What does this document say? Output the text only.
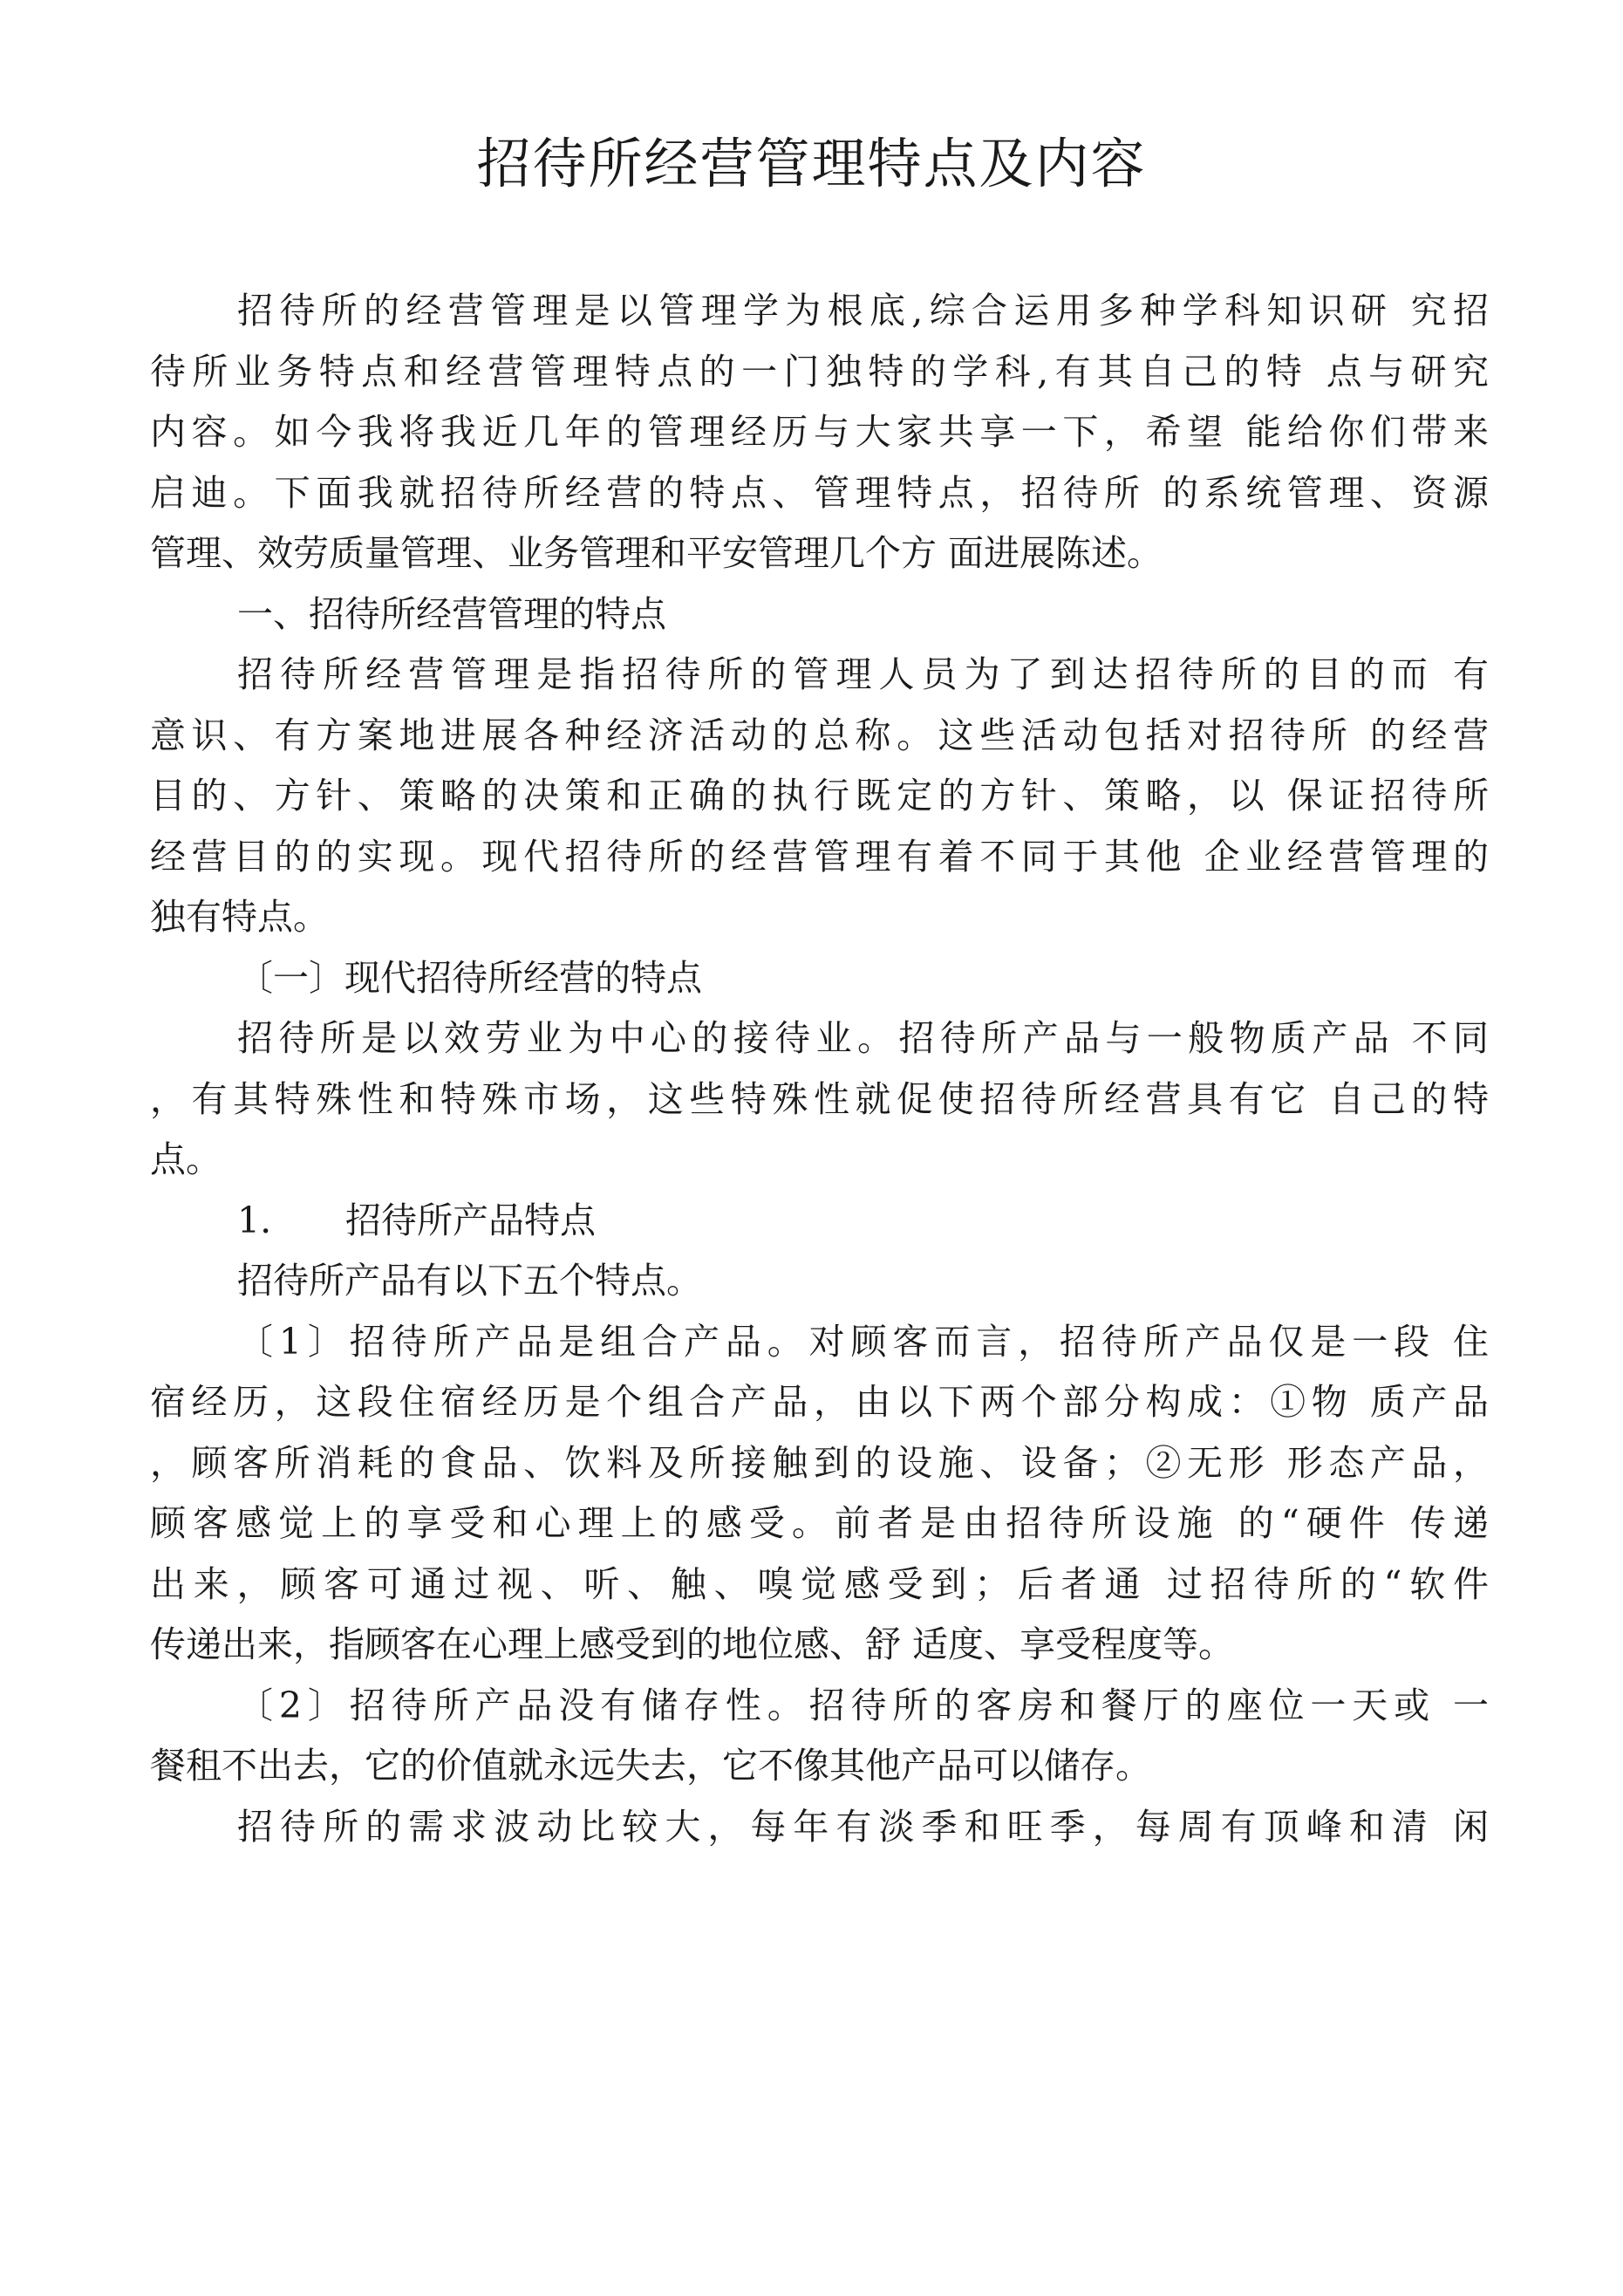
招待所经营管理特点及内容
招待所的经营管理是以管理学为根底,综合运用多种学科知识研 究招
待所业务特点和经营管理特点的一门独特的学科,有其自己的特 点与研究
内容。如今我将我近几年的管理经历与大家共享一下，希望 能给你们带来
启迪。下面我就招待所经营的特点、管理特点，招待所 的系统管理、资源
管理、效劳质量管理、业务管理和平安管理几个方 面进展陈述。
一、招待所经营管理的特点
招待所经营管理是指招待所的管理人员为了到达招待所的目的而 有
意识、有方案地进展各种经济活动的总称。这些活动包括对招待所 的经营
目的、方针、策略的决策和正确的执行既定的方针、策略，以 保证招待所
经营目的的实现。现代招待所的经营管理有着不同于其他 企业经营管理的
独有特点。
〔一〕现代招待所经营的特点
招待所是以效劳业为中心的接待业。招待所产品与一般物质产品 不同
，有其特殊性和特殊市场，这些特殊性就促使招待所经营具有它 自己的特
点。
1. 招待所产品特点
招待所产品有以下五个特点。
〔1〕招待所产品是组合产品。对顾客而言，招待所产品仅是一段 住
宿经历，这段住宿经历是个组合产品，由以下两个部分构成：①物 质产品
，顾客所消耗的食品、饮料及所接触到的设施、设备；②无形 形态产品，
顾客感觉上的享受和心理上的感受。前者是由招待所设施 的“硬件 传递
出来，顾客可通过视、听、触、嗅觉感受到；后者通 过招待所的“软件
传递出来，指顾客在心理上感受到的地位感、舒 适度、享受程度等。
〔2〕招待所产品没有储存性。招待所的客房和餐厅的座位一天或 一
餐租不出去，它的价值就永远失去，它不像其他产品可以储存。
招待所的需求波动比较大，每年有淡季和旺季，每周有顶峰和清 闲
